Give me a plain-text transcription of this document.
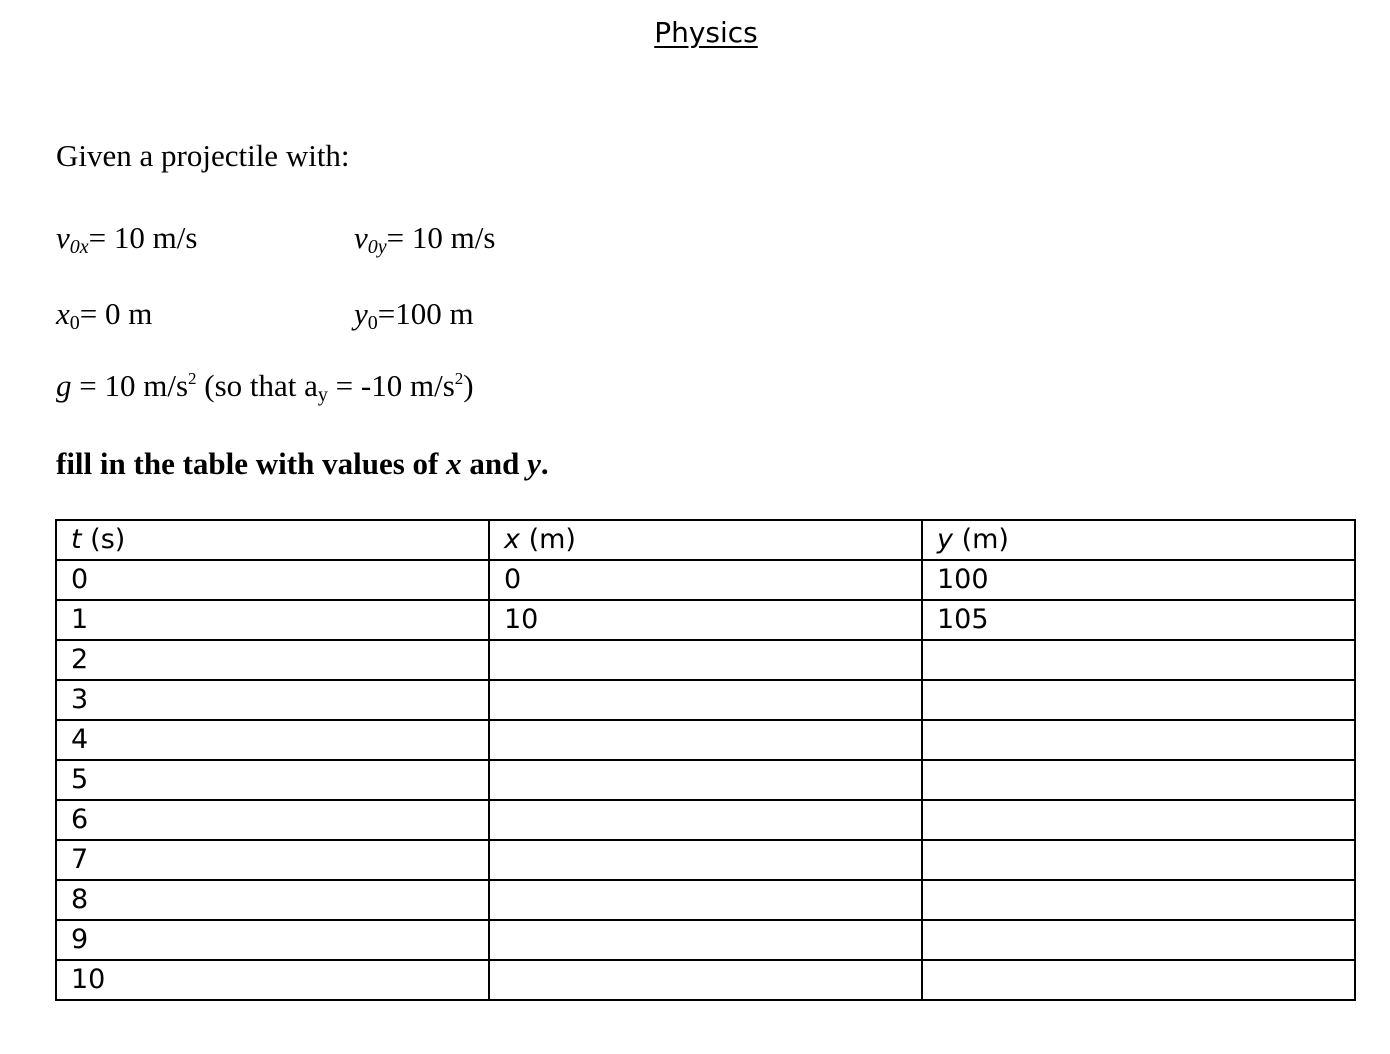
Physics
Given a projectile with:
v0x= 10 m/s	v0y= 10 m/s
x0= 0 m	y0=100 m
g = 10 $m/s^2$ (so that ay = -10 $m/s^2$)
fill in the table with values of x and y.
t (s)	x (m)	y (m)
0	0	100
1	10	105
2		
3		
4		
5		
6		
7		
8		
9		
10		
